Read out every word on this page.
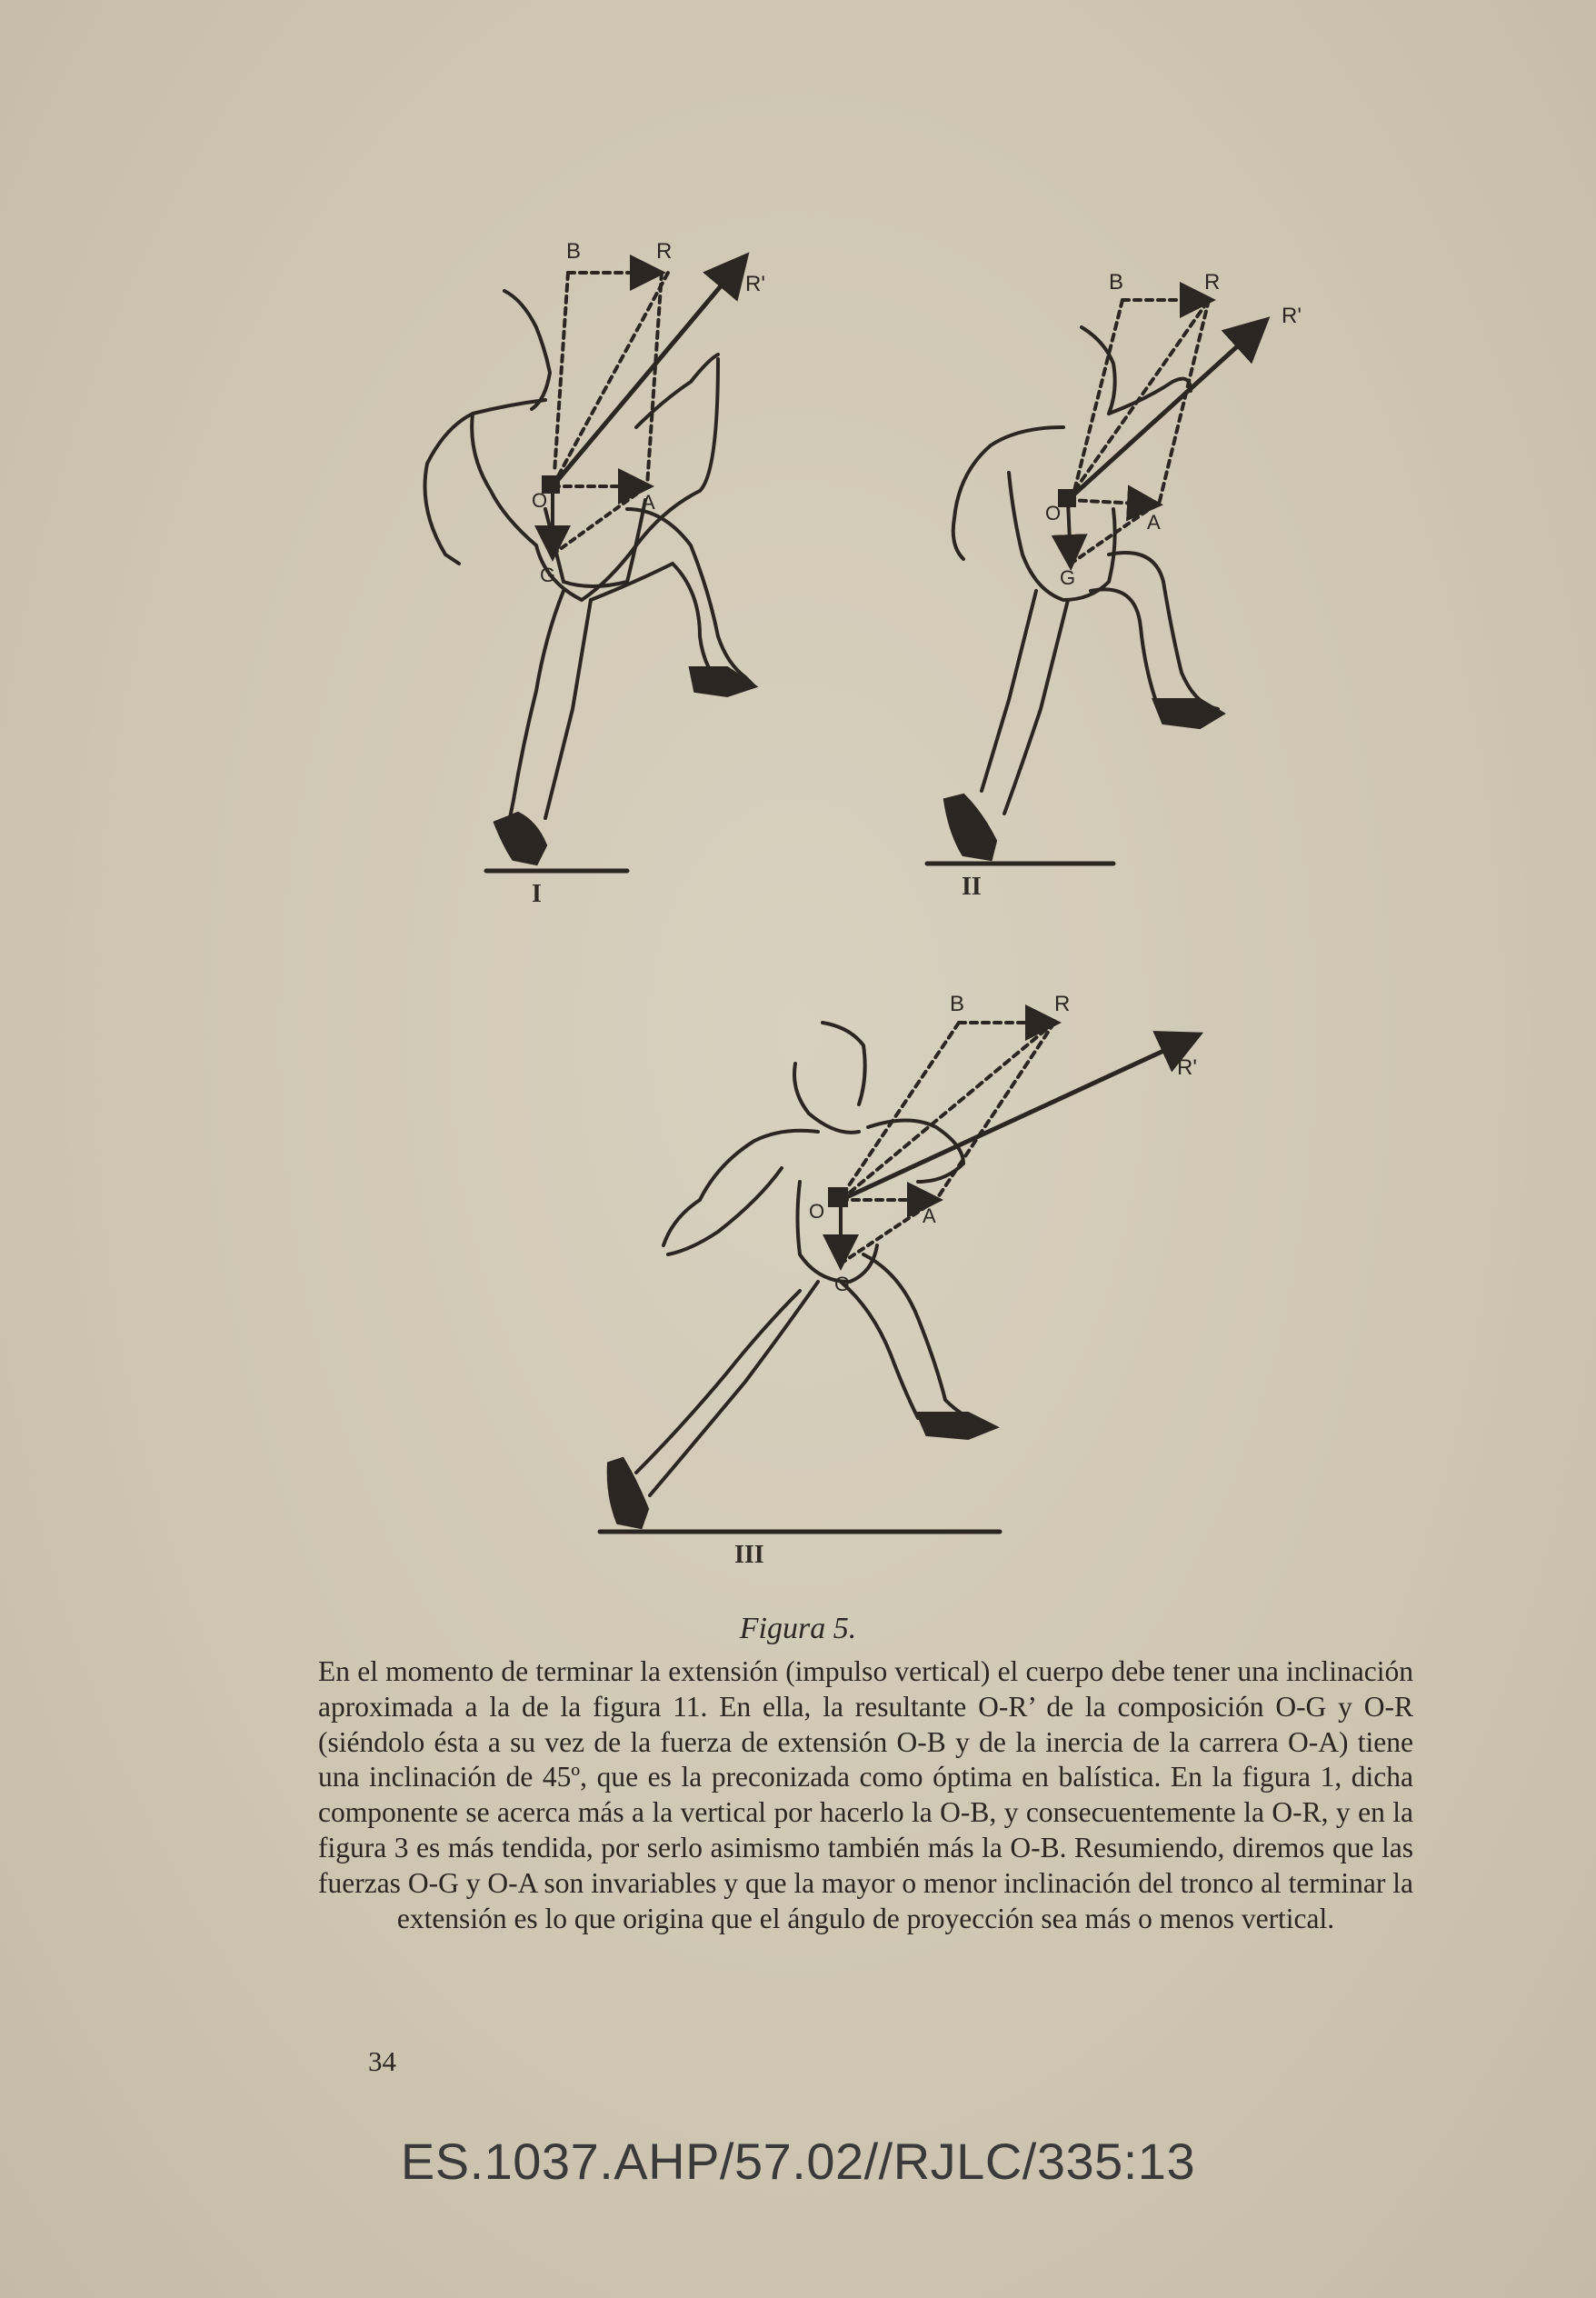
B	R
R'
O
G
A
B	R
R'
O
G
A
B	R
R'
O
G
A
I	II
III
Figura 5.

En el momento de terminar la extensión (impulso vertical) el cuerpo debe tener una inclinación aproximada a la de la figura 11. En ella, la resultante O-R’ de la composición O-G y O-R (siéndolo ésta a su vez de la fuerza de extensión O-B y de la inercia de la carrera O-A) tiene una inclinación de 45º, que es la preconizada como óptima en balística. En la figura 1, dicha componente se acerca más a la vertical por hacerlo la O-B, y consecuentemente la O-R, y en la figura 3 es más tendida, por serlo asimismo también más la O-B. Resumiendo, diremos que las fuerzas O-G y O-A son invariables y que la mayor o menor inclinación del tronco al terminar la extensión es lo que origina que el ángulo de proyección sea más o menos vertical.

34
ES.1037.AHP/57.02//RJLC/335:13
